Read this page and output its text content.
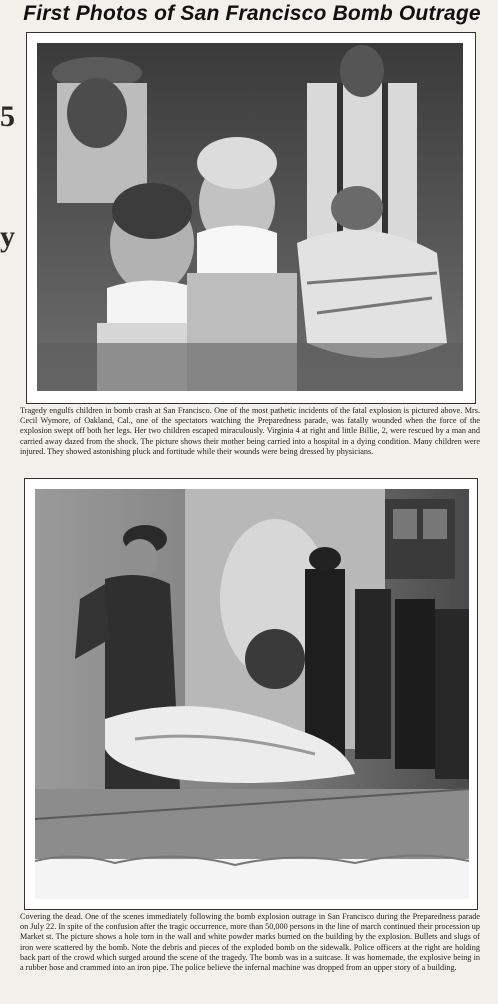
5
y
First Photos of San Francisco Bomb Outrage
Tragedy engulfs children in bomb crash at San Francisco. One of the most pathetic incidents of the fatal explosion is pictured above. Mrs. Cecil Wymore, of Oakland, Cal., one of the spectators watching the Preparedness parade, was fatally wounded when the force of the explosion swept off both her legs. Her two children escaped miraculously. Virginia 4 at right and little Billie, 2, were rescued by a man and carried away dazed from the shock. The picture shows their mother being carried into a hospital in a dying condition. Many children were injured. They showed astonishing pluck and fortitude while their wounds were being dressed by physicians.
Covering the dead. One of the scenes immediately following the bomb explosion outrage in San Francisco during the Preparedness parade on July 22. In spite of the confusion after the tragic occurrence, more than 50,000 persons in the line of march continued their procession up Market st. The picture shows a hole torn in the wall and white powder marks burned on the building by the explosion. Bullets and slugs of iron were scattered by the bomb. Note the debris and pieces of the exploded bomb on the sidewalk. Police officers at the right are holding back part of the crowd which surged around the scene of the tragedy. The bomb was in a suitcase. It was homemade, the explosive being in a rubber hose and crammed into an iron pipe. The police believe the infernal machine was dropped from an upper story of a building.
